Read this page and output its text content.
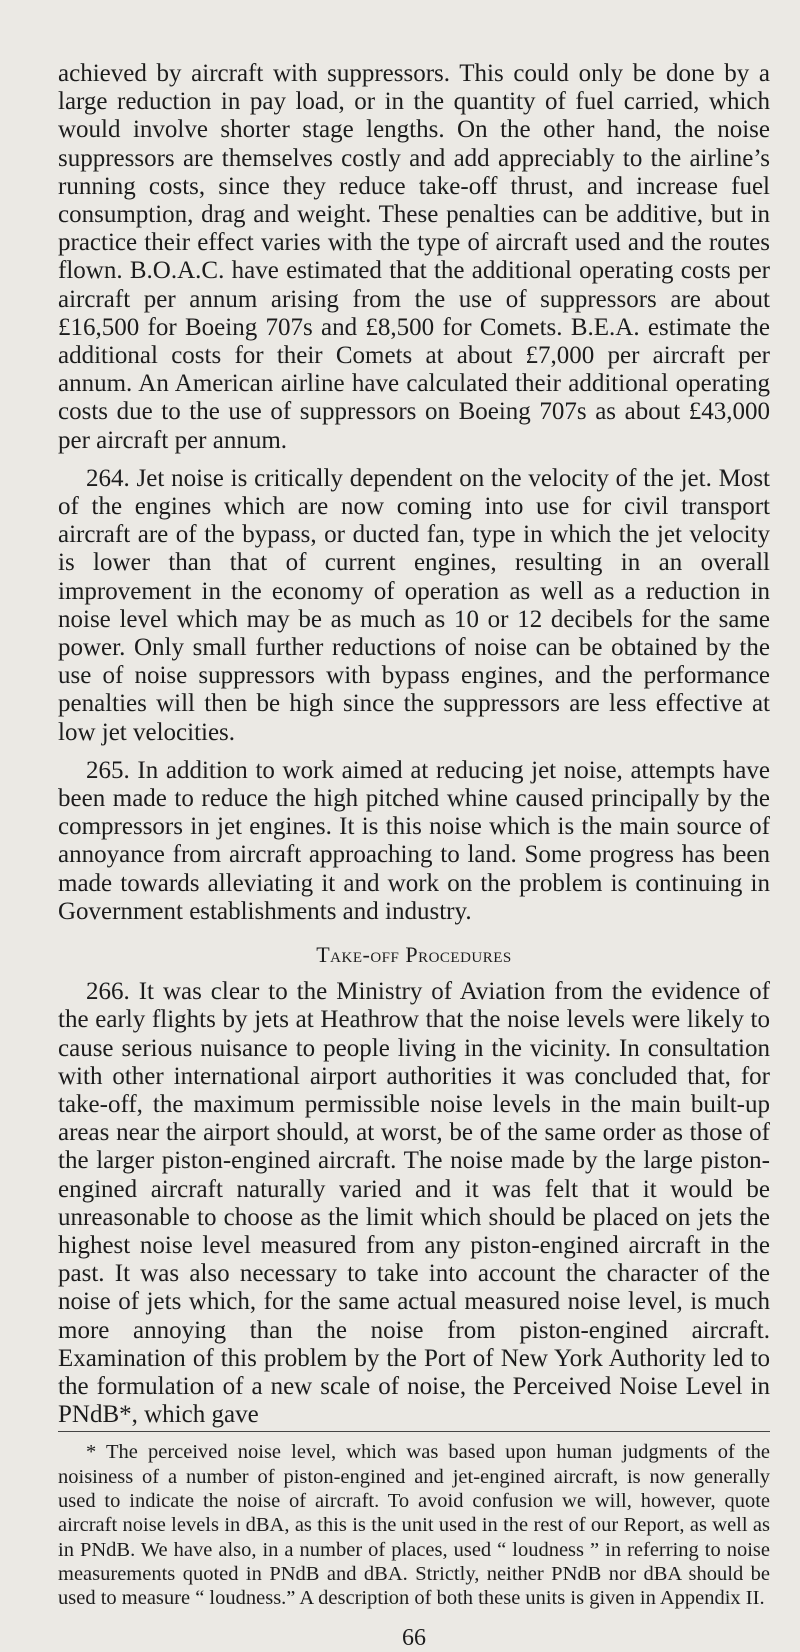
achieved by aircraft with suppressors. This could only be done by a large reduction in pay load, or in the quantity of fuel carried, which would involve shorter stage lengths. On the other hand, the noise suppressors are themselves costly and add appreciably to the airline’s running costs, since they reduce take-off thrust, and increase fuel consumption, drag and weight. These penalties can be additive, but in practice their effect varies with the type of aircraft used and the routes flown. B.O.A.C. have estimated that the additional operating costs per aircraft per annum arising from the use of suppressors are about £16,500 for Boeing 707s and £8,500 for Comets. B.E.A. estimate the additional costs for their Comets at about £7,000 per aircraft per annum. An American airline have calculated their additional operating costs due to the use of suppressors on Boeing 707s as about £43,000 per aircraft per annum.

264. Jet noise is critically dependent on the velocity of the jet. Most of the engines which are now coming into use for civil transport aircraft are of the bypass, or ducted fan, type in which the jet velocity is lower than that of current engines, resulting in an overall improvement in the economy of operation as well as a reduction in noise level which may be as much as 10 or 12 decibels for the same power. Only small further reductions of noise can be obtained by the use of noise suppressors with bypass engines, and the performance penalties will then be high since the suppressors are less effective at low jet velocities.

265. In addition to work aimed at reducing jet noise, attempts have been made to reduce the high pitched whine caused principally by the compressors in jet engines. It is this noise which is the main source of annoyance from aircraft approaching to land. Some progress has been made towards alleviating it and work on the problem is continuing in Government establishments and industry.

Take-off Procedures

266. It was clear to the Ministry of Aviation from the evidence of the early flights by jets at Heathrow that the noise levels were likely to cause serious nuisance to people living in the vicinity. In consultation with other international airport authorities it was concluded that, for take-off, the maximum permissible noise levels in the main built-up areas near the airport should, at worst, be of the same order as those of the larger piston-engined aircraft. The noise made by the large piston-engined aircraft naturally varied and it was felt that it would be unreasonable to choose as the limit which should be placed on jets the highest noise level measured from any piston-engined aircraft in the past. It was also necessary to take into account the character of the noise of jets which, for the same actual measured noise level, is much more annoying than the noise from piston-engined aircraft. Examination of this problem by the Port of New York Authority led to the formulation of a new scale of noise, the Perceived Noise Level in PNdB*, which gave

* The perceived noise level, which was based upon human judgments of the noisiness of a number of piston-engined and jet-engined aircraft, is now generally used to indicate the noise of aircraft. To avoid confusion we will, however, quote aircraft noise levels in dBA, as this is the unit used in the rest of our Report, as well as in PNdB. We have also, in a number of places, used “ loudness ” in referring to noise measurements quoted in PNdB and dBA. Strictly, neither PNdB nor dBA should be used to measure “ loudness.” A description of both these units is given in Appendix II.

66
